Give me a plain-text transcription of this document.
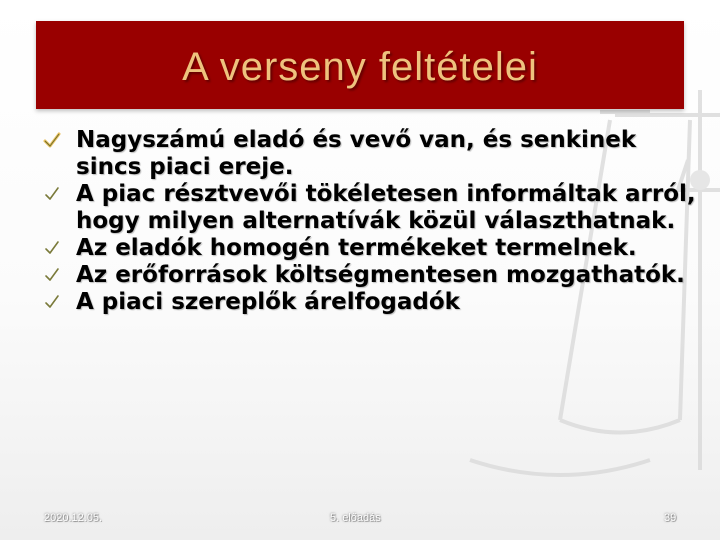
A verseny feltételei
Nagyszámú eladó és vevő van, és senkinek sincs piaci ereje.
A piac résztvevői tökéletesen informáltak arról, hogy milyen alternatívák közül választhatnak.
Az eladók homogén termékeket termelnek.
Az erőforrások költségmentesen mozgathatók.
A piaci szereplők árelfogadók
2020.12.05.	5. előadás	39
